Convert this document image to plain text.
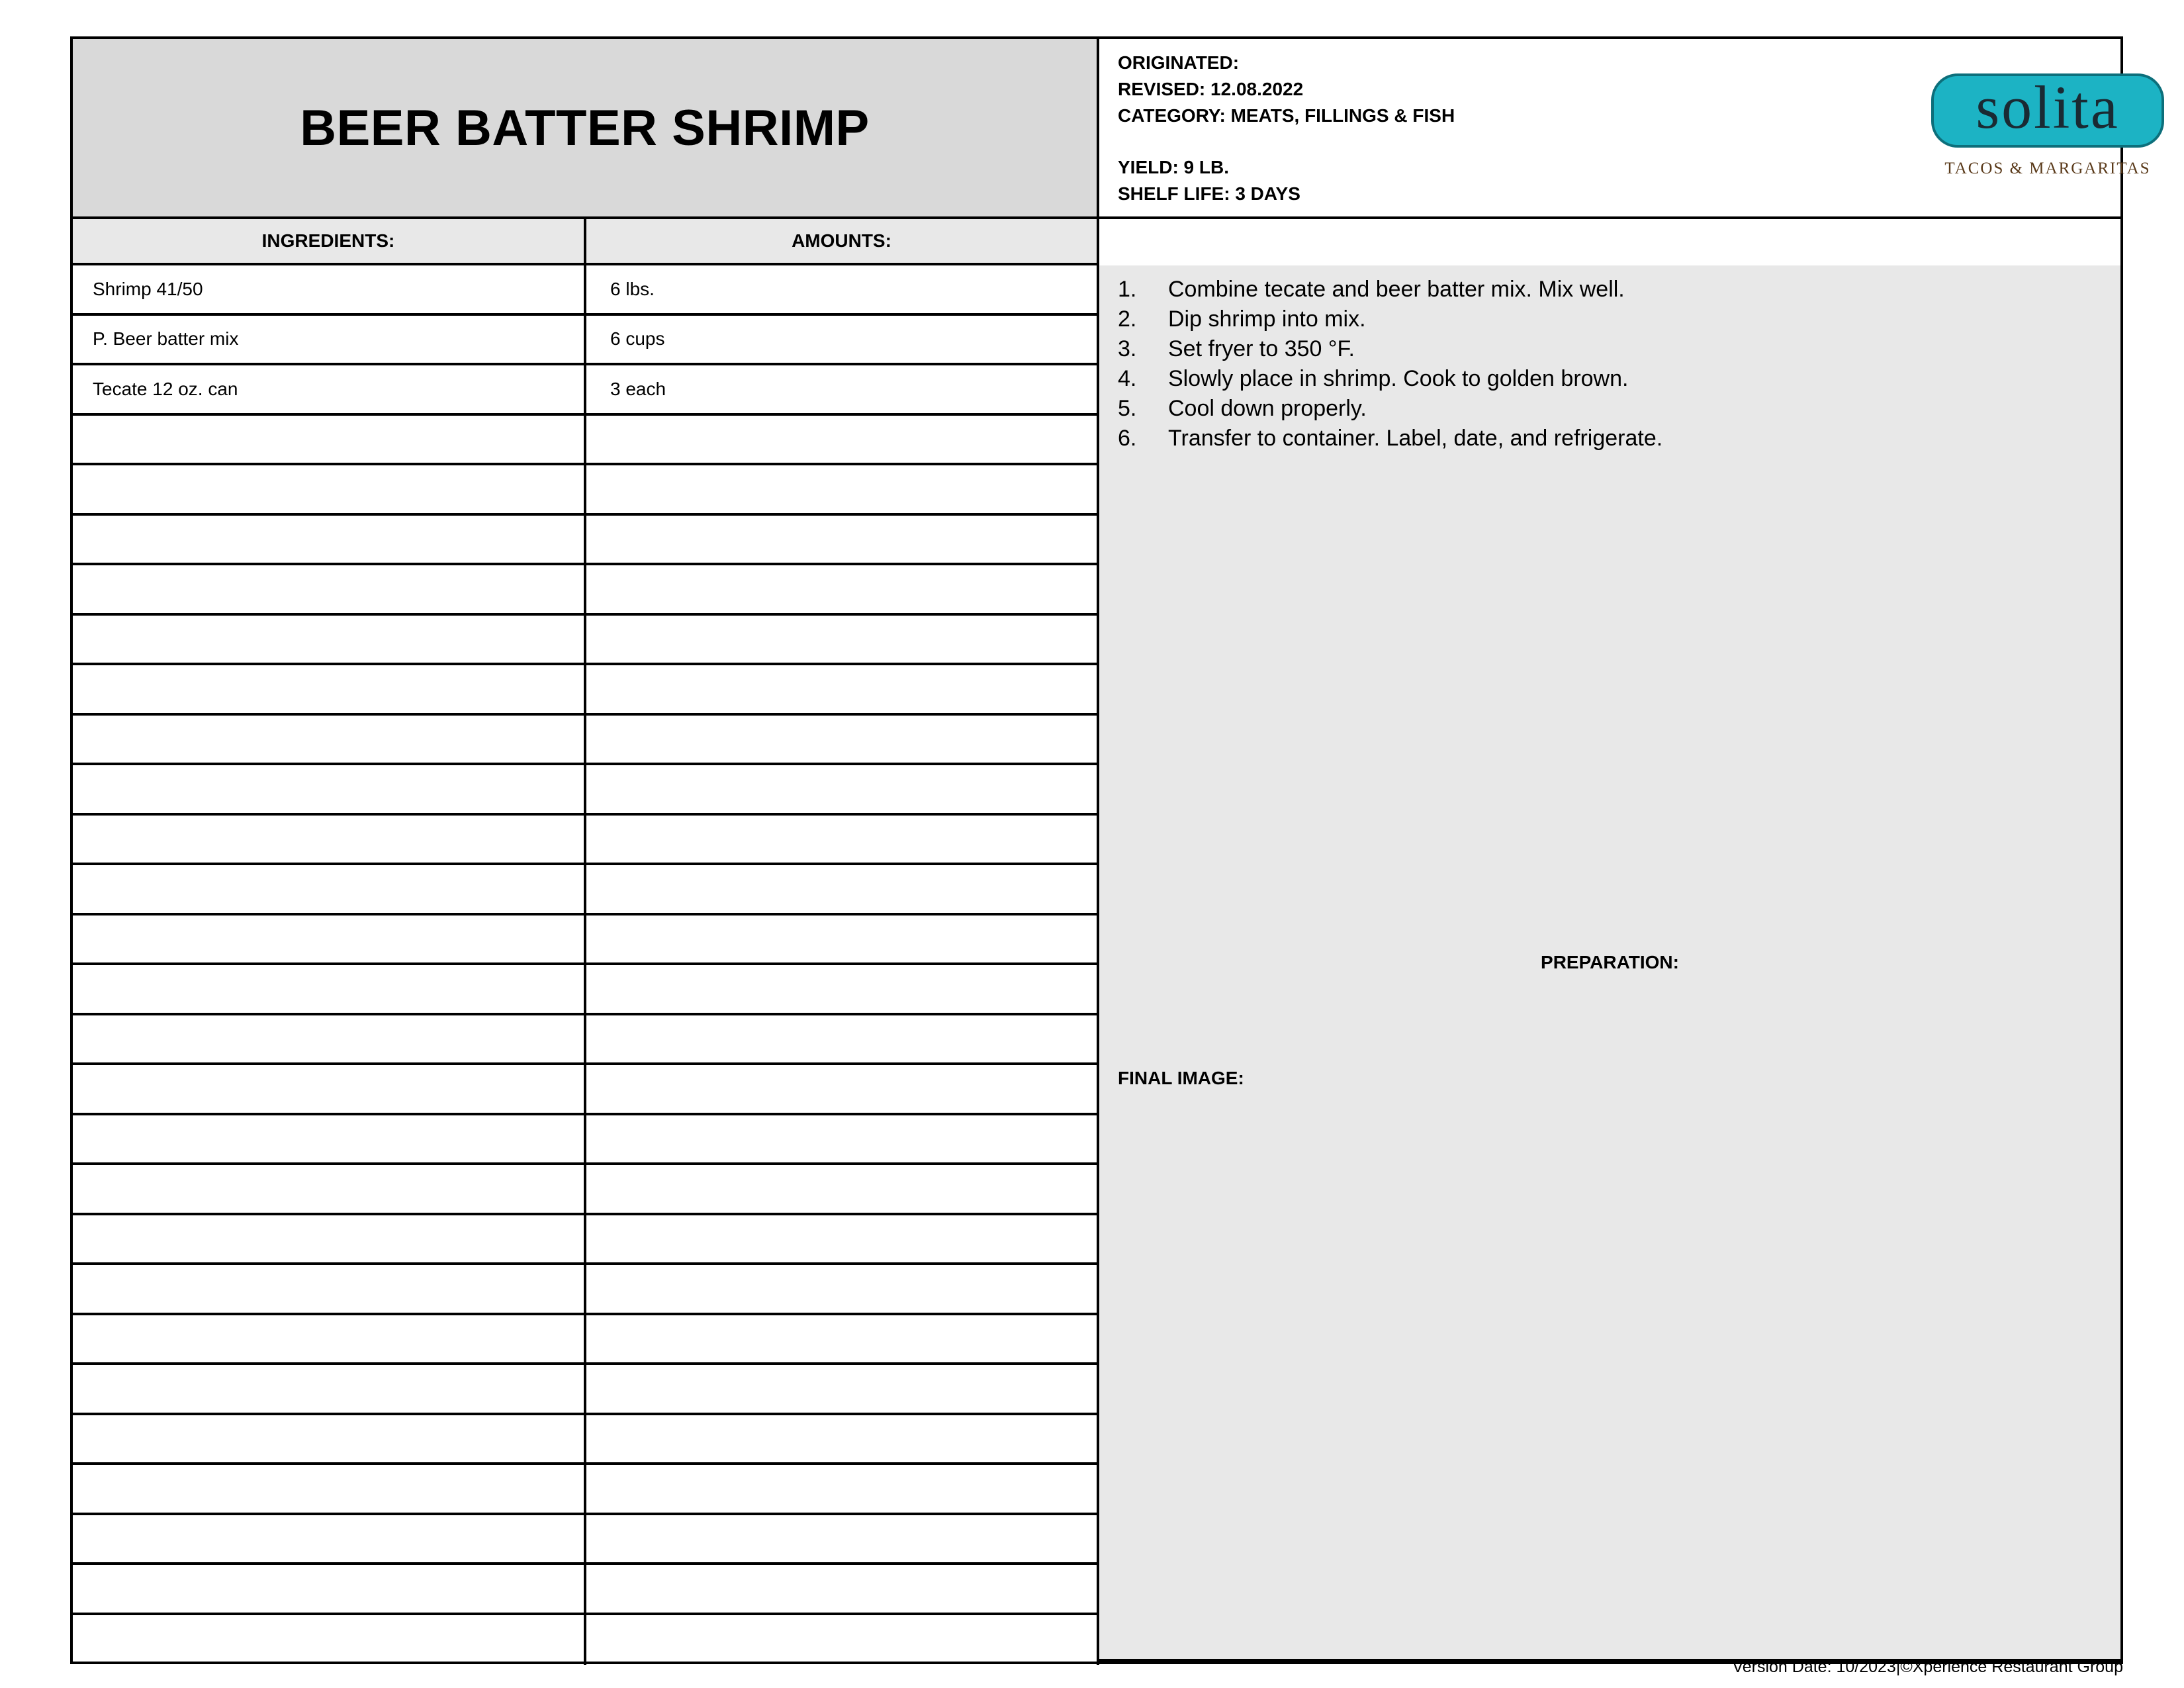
BEER BATTER SHRIMP
ORIGINATED:
REVISED: 12.08.2022
CATEGORY: MEATS, FILLINGS & FISH
YIELD: 9 LB.
SHELF LIFE: 3 DAYS
solita
TACOS & MARGARITAS
INGREDIENTS:	AMOUNTS:
PREPARATION:
Shrimp 41/50	6 lbs.
P. Beer batter mix	6 cups
Tecate 12 oz. can	3 each
1.	Combine tecate and beer batter mix. Mix well.
2.	Dip shrimp into mix.
3.	Set fryer to 350 °F.
4.	Slowly place in shrimp. Cook to golden brown.
5.	Cool down properly.
6.	Transfer to container. Label, date, and refrigerate.
FINAL IMAGE:
Version Date: 10/2023|©Xperience Restaurant Group
